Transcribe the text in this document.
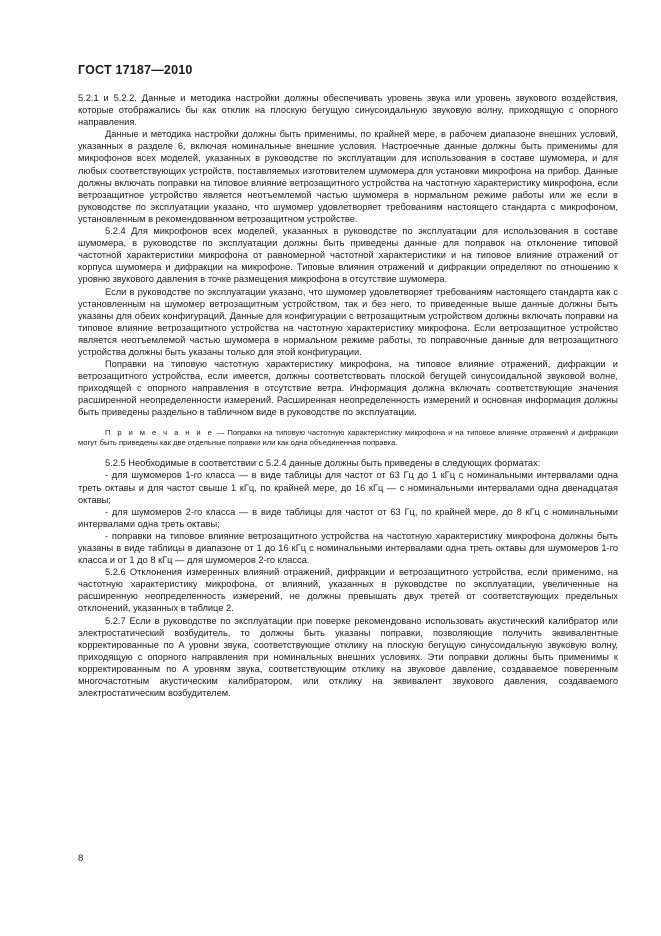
ГОСТ 17187—2010

5.2.1 и 5.2.2. Данные и методика настройки должны обеспечивать уровень звука или уровень звукового воздействия, которые отображались бы как отклик на плоскую бегущую синусоидальную звуковую волну, приходящую с опорного направления.

Данные и методика настройки должны быть применимы, по крайней мере, в рабочем диапазоне внешних условий, указанных в разделе 6, включая номинальные внешние условия. Настроечные данные должны быть применимы для микрофонов всех моделей, указанных в руководстве по эксплуатации для использования в составе шумомера, и для любых соответствующих устройств, поставляемых изготовителем шумомера для установки микрофона на прибор. Данные должны включать поправки на типовое влияние ветрозащитного устройства на частотную характеристику микрофона, если ветрозащитное устройство является неотъемлемой частью шумомера в нормальном режиме работы или же если в руководстве по эксплуатации указано, что шумомер удовлетворяет требованиям настоящего стандарта с микрофоном, установленным в рекомендованном ветрозащитном устройстве.

5.2.4 Для микрофонов всех моделей, указанных в руководстве по эксплуатации для использования в составе шумомера, в руководстве по эксплуатации должны быть приведены данные для поправок на отклонение типовой частотной характеристики микрофона от равномерной частотной характеристики и на типовое влияние отражений от корпуса шумомера и дифракции на микрофоне. Типовые влияния отражений и дифракции определяют по отношению к уровню звукового давления в точке размещения микрофона в отсутствие шумомера.

Если в руководстве по эксплуатации указано, что шумомер удовлетворяет требованиям настоящего стандарта как с установленным на шумомер ветрозащитным устройством, так и без него, то приведенные выше данные должны быть указаны для обеих конфигураций. Данные для конфигурации с ветрозащитным устройством должны включать поправки на типовое влияние ветрозащитного устройства на частотную характеристику микрофона. Если ветрозащитное устройство является неотъемлемой частью шумомера в нормальном режиме работы, то поправочные данные для ветрозащитного устройства должны быть указаны только для этой конфигурации.

Поправки на типовую частотную характеристику микрофона, на типовое влияние отражений, дифракции и ветрозащитного устройства, если имеется, должны соответствовать плоской бегущей синусоидальной звуковой волне, приходящей с опорного направления в отсутствие ветра. Информация должна включать соответствующие значения расширенной неопределенности измерений. Расширенная неопределенность измерений и основная информация должны быть приведены раздельно в табличном виде в руководстве по эксплуатации.

П р и м е ч а н и е — Поправки на типовую частотную характеристику микрофона и на типовое влияние отражений и дифракции могут быть приведены как две отдельные поправки или как одна объединенная поправка.

5.2.5 Необходимые в соответствии с 5.2.4 данные должны быть приведены в следующих форматах:

- для шумомеров 1-го класса — в виде таблицы для частот от 63 Гц до 1 кГц с номинальными интервалами одна треть октавы и для частот свыше 1 кГц, по крайней мере, до 16 кГц — с номинальными интервалами одна двенадцатая октавы;

- для шумомеров 2-го класса — в виде таблицы для частот от 63 Гц, по крайней мере, до 8 кГц с номинальными интервалами одна треть октавы;

- поправки на типовое влияние ветрозащитного устройства на частотную характеристику микрофона должны быть указаны в виде таблицы в диапазоне от 1 до 16 кГц с номинальными интервалами одна треть октавы для шумомеров 1-го класса и от 1 до 8 кГц — для шумомеров 2-го класса.

5.2.6 Отклонения измеренных влияний отражений, дифракции и ветрозащитного устройства, если применимо, на частотную характеристику микрофона, от влияний, указанных в руководстве по эксплуатации, увеличенные на расширенную неопределенность измерений, не должны превышать двух третей от соответствующих предельных отклонений, указанных в таблице 2.

5.2.7 Если в руководстве по эксплуатации при поверке рекомендовано использовать акустический калибратор или электростатический возбудитель, то должны быть указаны поправки, позволяющие получить эквивалентные корректированные по A уровни звука, соответствующие отклику на плоскую бегущую синусоидальную звуковую волну, приходящую с опорного направления при номинальных внешних условиях. Эти поправки должны быть применимы к корректированным по A уровням звука, соответствующим отклику на звуковое давление, создаваемое поверенным многочастотным акустическим калибратором, или отклику на эквивалент звукового давления, создаваемого электростатическим возбудителем.

8
